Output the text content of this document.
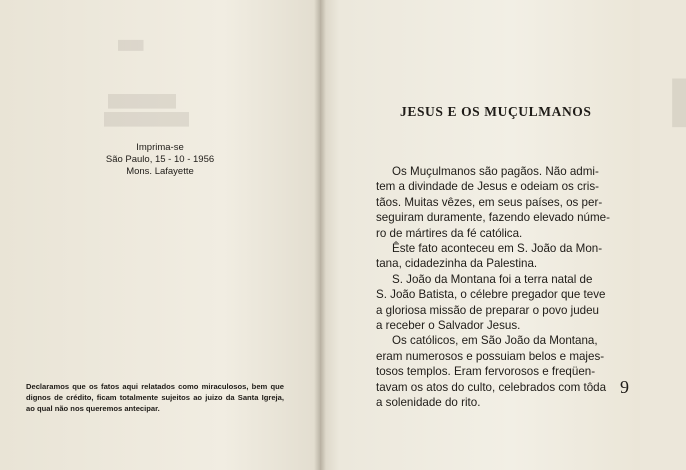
████
████████
██████████
Imprima-se
São Paulo, 15 - 10 - 1956
Mons. Lafayette
Declaramos que os fatos aqui relatados como miraculosos, bem que dignos de crédito, ficam totalmente sujeitos ao juizo da Santa Igreja, ao qual não nos queremos antecipar.
▌
JESUS E OS MUÇULMANOS

Os Muçulmanos são pagãos. Não admi-
tem a divindade de Jesus e odeiam os cris-
tãos. Muitas vêzes, em seus países, os per-
seguiram duramente, fazendo elevado núme-
ro de mártires da fé católica.

Êste fato aconteceu em S. João da Mon-
tana, cidadezinha da Palestina.

S. João da Montana foi a terra natal de
S. João Batista, o célebre pregador que teve
a gloriosa missão de preparar o povo judeu
a receber o Salvador Jesus.

Os católicos, em São João da Montana,
eram numerosos e possuiam belos e majes-
tosos templos. Eram fervorosos e freqüen-
tavam os atos do culto, celebrados com tôda
a solenidade do rito.

9
